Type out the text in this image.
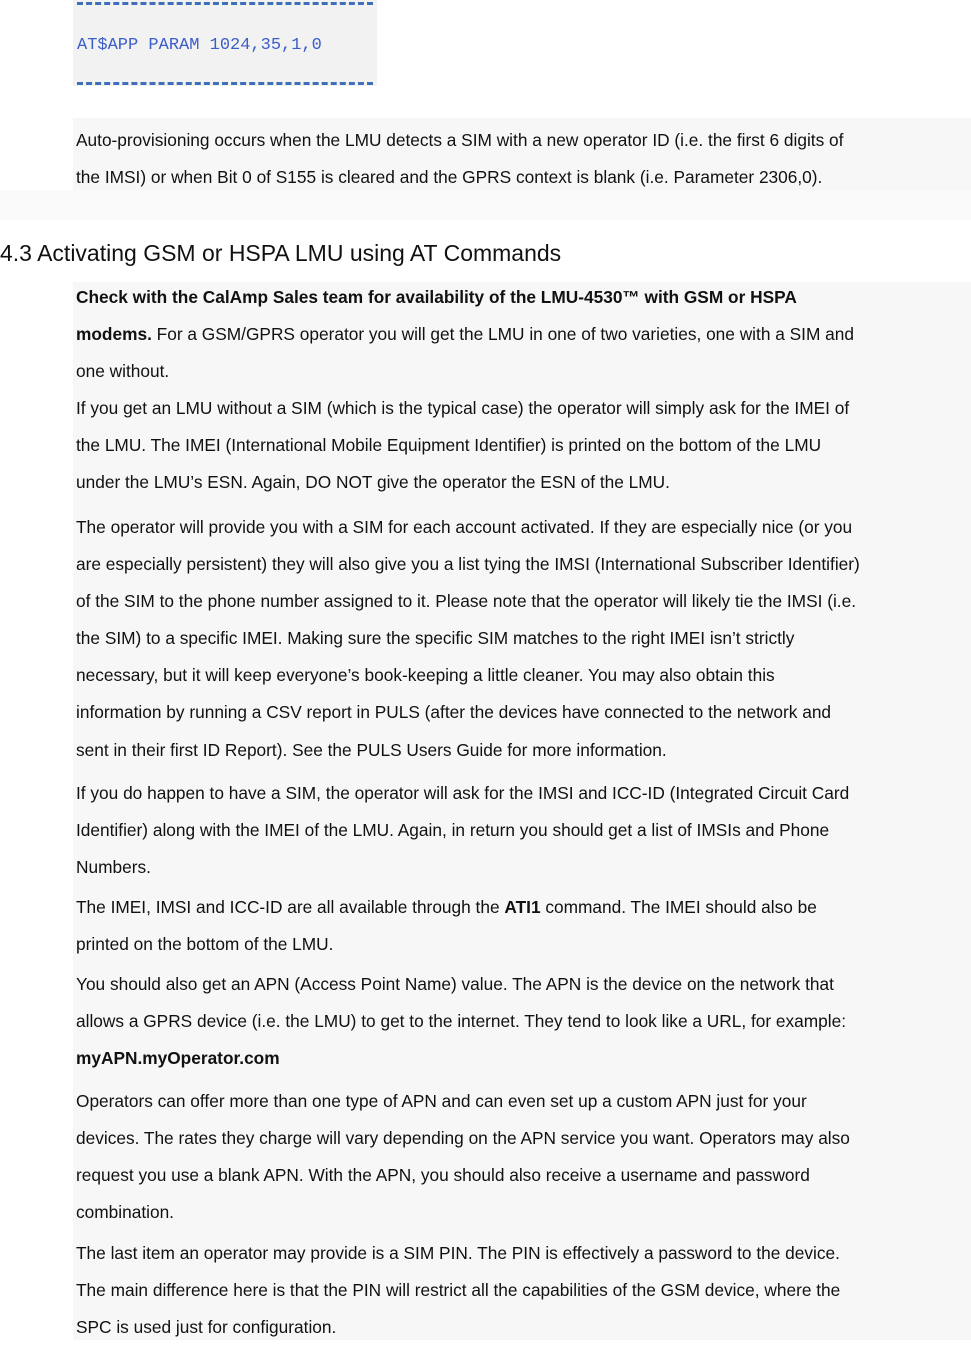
AT$APP PARAM 1024,35,1,0
Auto-provisioning occurs when the LMU detects a SIM with a new operator ID (i.e. the first 6 digits of
the IMSI) or when Bit 0 of S155 is cleared and the GPRS context is blank (i.e. Parameter 2306,0).
4.3 Activating GSM or HSPA LMU using AT Commands
Check with the CalAmp Sales team for availability of the LMU-4530™ with GSM or HSPA
modems. For a GSM/GPRS operator you will get the LMU in one of two varieties, one with a SIM and
one without.
If you get an LMU without a SIM (which is the typical case) the operator will simply ask for the IMEI of
the LMU. The IMEI (International Mobile Equipment Identifier) is printed on the bottom of the LMU
under the LMU’s ESN. Again, DO NOT give the operator the ESN of the LMU.
The operator will provide you with a SIM for each account activated. If they are especially nice (or you
are especially persistent) they will also give you a list tying the IMSI (International Subscriber Identifier)
of the SIM to the phone number assigned to it. Please note that the operator will likely tie the IMSI (i.e.
the SIM) to a specific IMEI. Making sure the specific SIM matches to the right IMEI isn’t strictly
necessary, but it will keep everyone’s book-keeping a little cleaner. You may also obtain this
information by running a CSV report in PULS (after the devices have connected to the network and
sent in their first ID Report). See the PULS Users Guide for more information.
If you do happen to have a SIM, the operator will ask for the IMSI and ICC-ID (Integrated Circuit Card
Identifier) along with the IMEI of the LMU. Again, in return you should get a list of IMSIs and Phone
Numbers.
The IMEI, IMSI and ICC-ID are all available through the ATI1 command. The IMEI should also be
printed on the bottom of the LMU.
You should also get an APN (Access Point Name) value. The APN is the device on the network that
allows a GPRS device (i.e. the LMU) to get to the internet. They tend to look like a URL, for example:
myAPN.myOperator.com
Operators can offer more than one type of APN and can even set up a custom APN just for your
devices. The rates they charge will vary depending on the APN service you want. Operators may also
request you use a blank APN. With the APN, you should also receive a username and password
combination.
The last item an operator may provide is a SIM PIN. The PIN is effectively a password to the device.
The main difference here is that the PIN will restrict all the capabilities of the GSM device, where the
SPC is used just for configuration.
